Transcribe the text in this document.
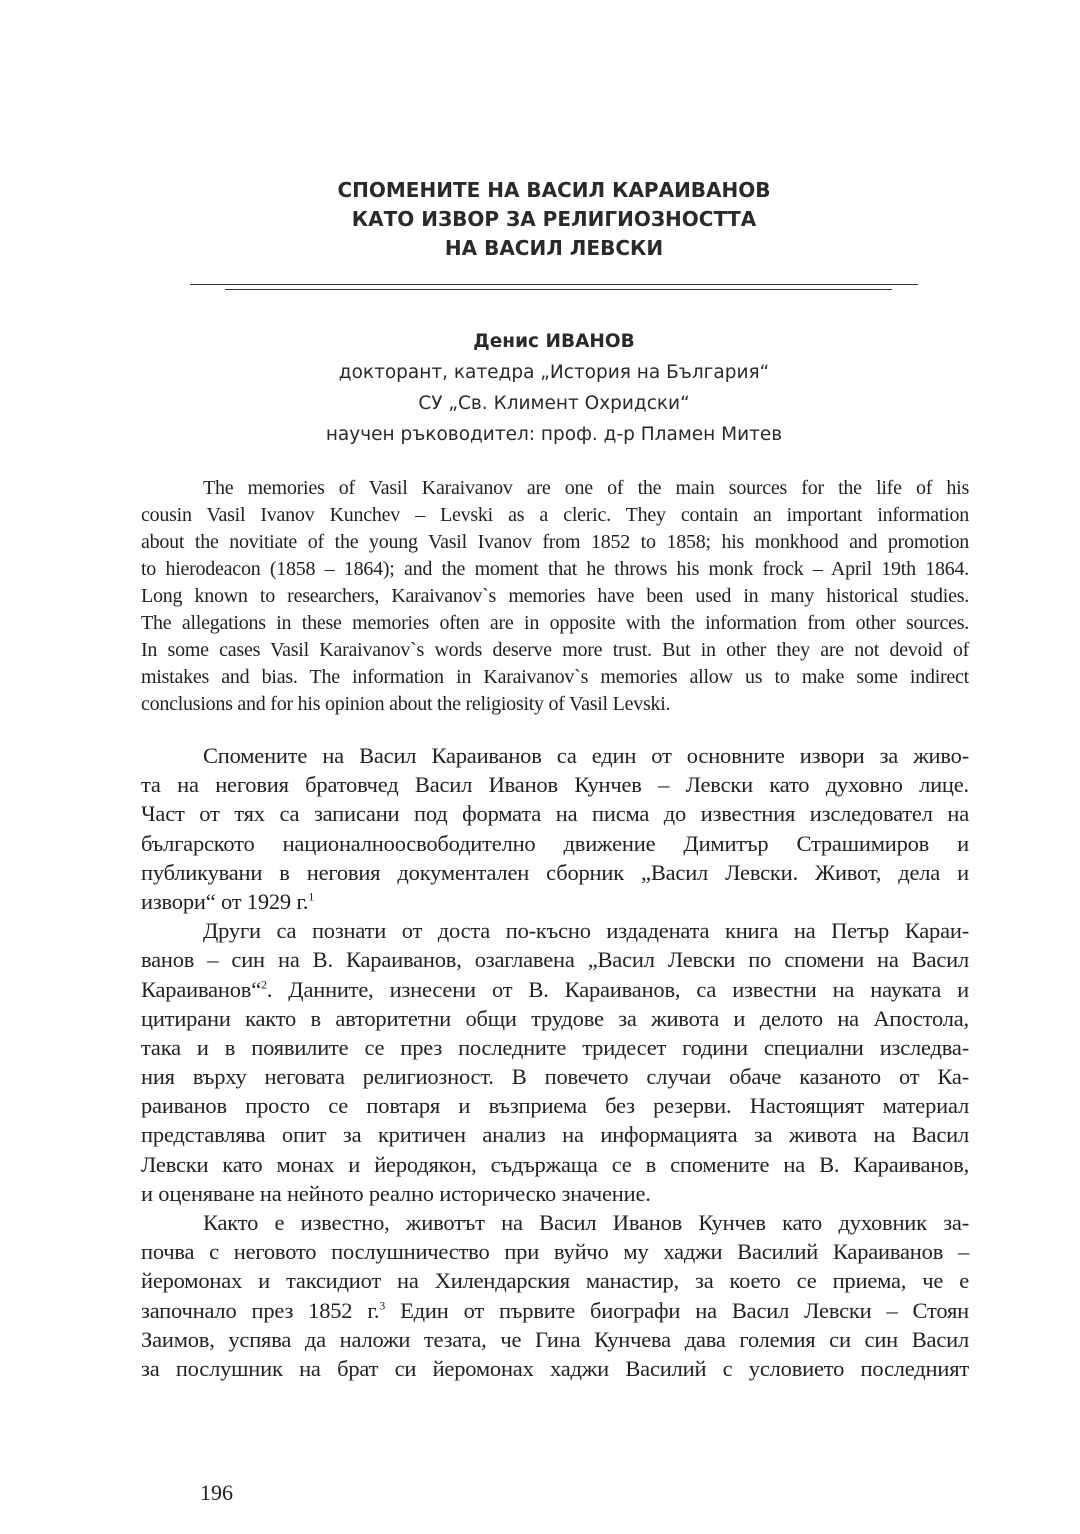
СПОМЕНИТЕ НА ВАСИЛ КАРАИВАНОВ
КАТО ИЗВОР ЗА РЕЛИГИОЗНОСТТА
НА ВАСИЛ ЛЕВСКИ
Денис ИВАНОВ
докторант, катедра „История на България“
СУ „Св. Климент Охридски“
научен ръководител: проф. д-р Пламен Митев
The memories of Vasil Karaivanov are one of the main sources for the life of his
cousin Vasil Ivanov Kunchev – Levski as a cleric. They contain an important information
about the novitiate of the young Vasil Ivanov from 1852 to 1858; his monkhood and promotion
to hierodeacon (1858 – 1864); and the moment that he throws his monk frock – April 19th 1864.
Long known to researchers, Karaivanov`s memories have been used in many historical studies.
The allegations in these memories often are in opposite with the information from other sources.
In some cases Vasil Karaivanov`s words deserve more trust. But in other they are not devoid of
mistakes and bias. The information in Karaivanov`s memories allow us to make some indirect
conclusions and for his opinion about the religiosity of Vasil Levski.
Спомените на Васил Караиванов са един от основните извори за живо-
та на неговия братовчед Васил Иванов Кунчев – Левски като духовно лице.
Част от тях са записани под формата на писма до известния изследовател на
българското националноосвободително движение Димитър Страшимиров и
публикувани в неговия документален сборник „Васил Левски. Живот, дела и
извори“ от 1929 г.$^1$
Други са познати от доста по-късно издадената книга на Петър Караи-
ванов – син на В. Караиванов, озаглавена „Васил Левски по спомени на Васил
Караиванов“$^2$. Данните, изнесени от В. Караиванов, са известни на науката и
цитирани както в авторитетни общи трудове за живота и делото на Апостола,
така и в появилите се през последните тридесет години специални изследва-
ния върху неговата религиозност. В повечето случаи обаче казаното от Ка-
раиванов просто се повтаря и възприема без резерви. Настоящият материал
представлява опит за критичен анализ на информацията за живота на Васил
Левски като монах и йеродякон, съдържаща се в спомените на В. Караиванов,
и оценяване на нейното реално историческо значение.
Както е известно, животът на Васил Иванов Кунчев като духовник за-
почва с неговото послушничество при вуйчо му хаджи Василий Караиванов –
йеромонах и таксидиот на Хилендарския манастир, за което се приема, че е
започнало през 1852 г.$^3$ Един от първите биографи на Васил Левски – Стоян
Заимов, успява да наложи тезата, че Гина Кунчева дава големия си син Васил
за послушник на брат си йеромонах хаджи Василий с условието последният
196
